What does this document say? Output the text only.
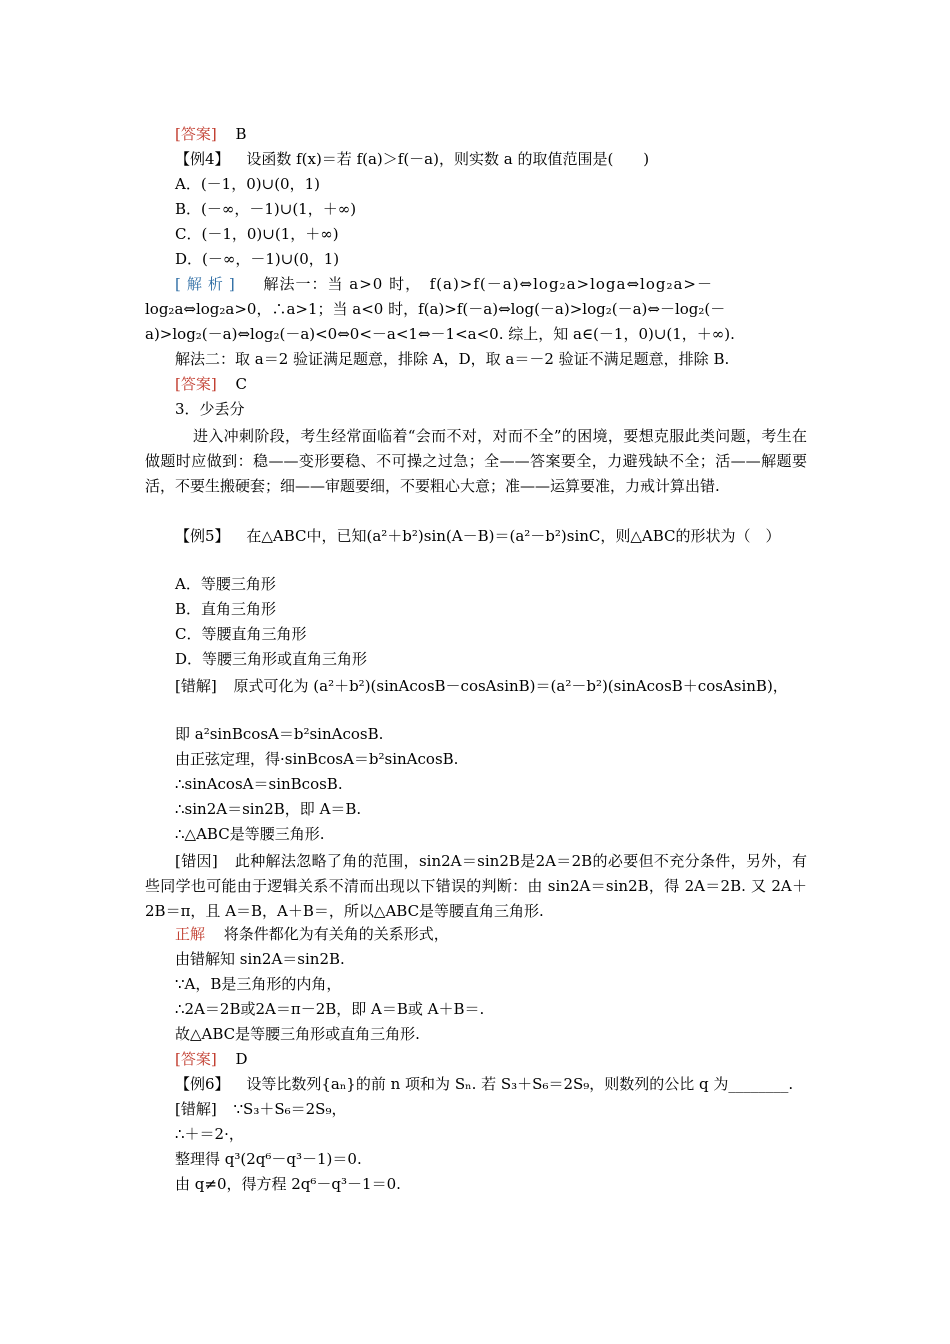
[答案] B
【例4】 设函数 f(x)＝若 f(a)＞f(－a)，则实数 a 的取值范围是(　　)
A．(－1，0)∪(0，1)
B．(－∞，－1)∪(1，＋∞)
C．(－1，0)∪(1，＋∞)
D．(－∞，－1)∪(0，1)
[解析] 解法一：当 a>0 时，　f(a)>f(－a)⇔log₂a>loga⇔log₂a>－
log₂a⇔log₂a>0，∴a>1；当 a<0 时，f(a)>f(－a)⇔log(－a)>log₂(－a)⇔－log₂(－
a)>log₂(－a)⇔log₂(－a)<0⇔0<－a<1⇔－1<a<0. 综上，知 a∈(－1，0)∪(1，＋∞).
解法二：取 a＝2 验证满足题意，排除 A，D，取 a＝－2 验证不满足题意，排除 B.
[答案] C
3．少丢分
进入冲刺阶段，考生经常面临着“会而不对，对而不全”的困境，要想克服此类问题，考生在做题时应做到：稳——变形要稳、不可操之过急；全——答案要全，力避残缺不全；活——解题要活，不要生搬硬套；细——审题要细，不要粗心大意；准——运算要准，力戒计算出错.
【例5】 在△ABC中，已知(a²＋b²)sin(A－B)＝(a²－b²)sinC，则△ABC的形状为（　）
A．等腰三角形
B．直角三角形
C．等腰直角三角形
D．等腰三角形或直角三角形
[错解] 原式可化为 (a²＋b²)(sinAcosB－cosAsinB)＝(a²－b²)(sinAcosB＋cosAsinB)，
即 a²sinBcosA＝b²sinAcosB.
由正弦定理，得·sinBcosA＝b²sinAcosB.
∴sinAcosA＝sinBcosB.
∴sin2A＝sin2B，即 A＝B.
∴△ABC是等腰三角形.
[错因] 此种解法忽略了角的范围，sin2A＝sin2B是2A＝2B的必要但不充分条件，另外，有些同学也可能由于逻辑关系不清而出现以下错误的判断：由 sin2A＝sin2B，得 2A＝2B. 又 2A＋2B＝π，且 A＝B，A＋B＝，所以△ABC是等腰直角三角形.
正解 将条件都化为有关角的关系形式，
由错解知 sin2A＝sin2B.
∵A，B是三角形的内角，
∴2A＝2B或2A＝π－2B，即 A＝B或 A＋B＝.
故△ABC是等腰三角形或直角三角形.
[答案] D
【例6】 设等比数列{aₙ}的前 n 项和为 Sₙ. 若 S₃＋S₆＝2S₉，则数列的公比 q 为________.
[错解] ∵S₃＋S₆＝2S₉，
∴＋＝2·，
整理得 q³(2q⁶－q³－1)＝0.
由 q≠0，得方程 2q⁶－q³－1＝0.
